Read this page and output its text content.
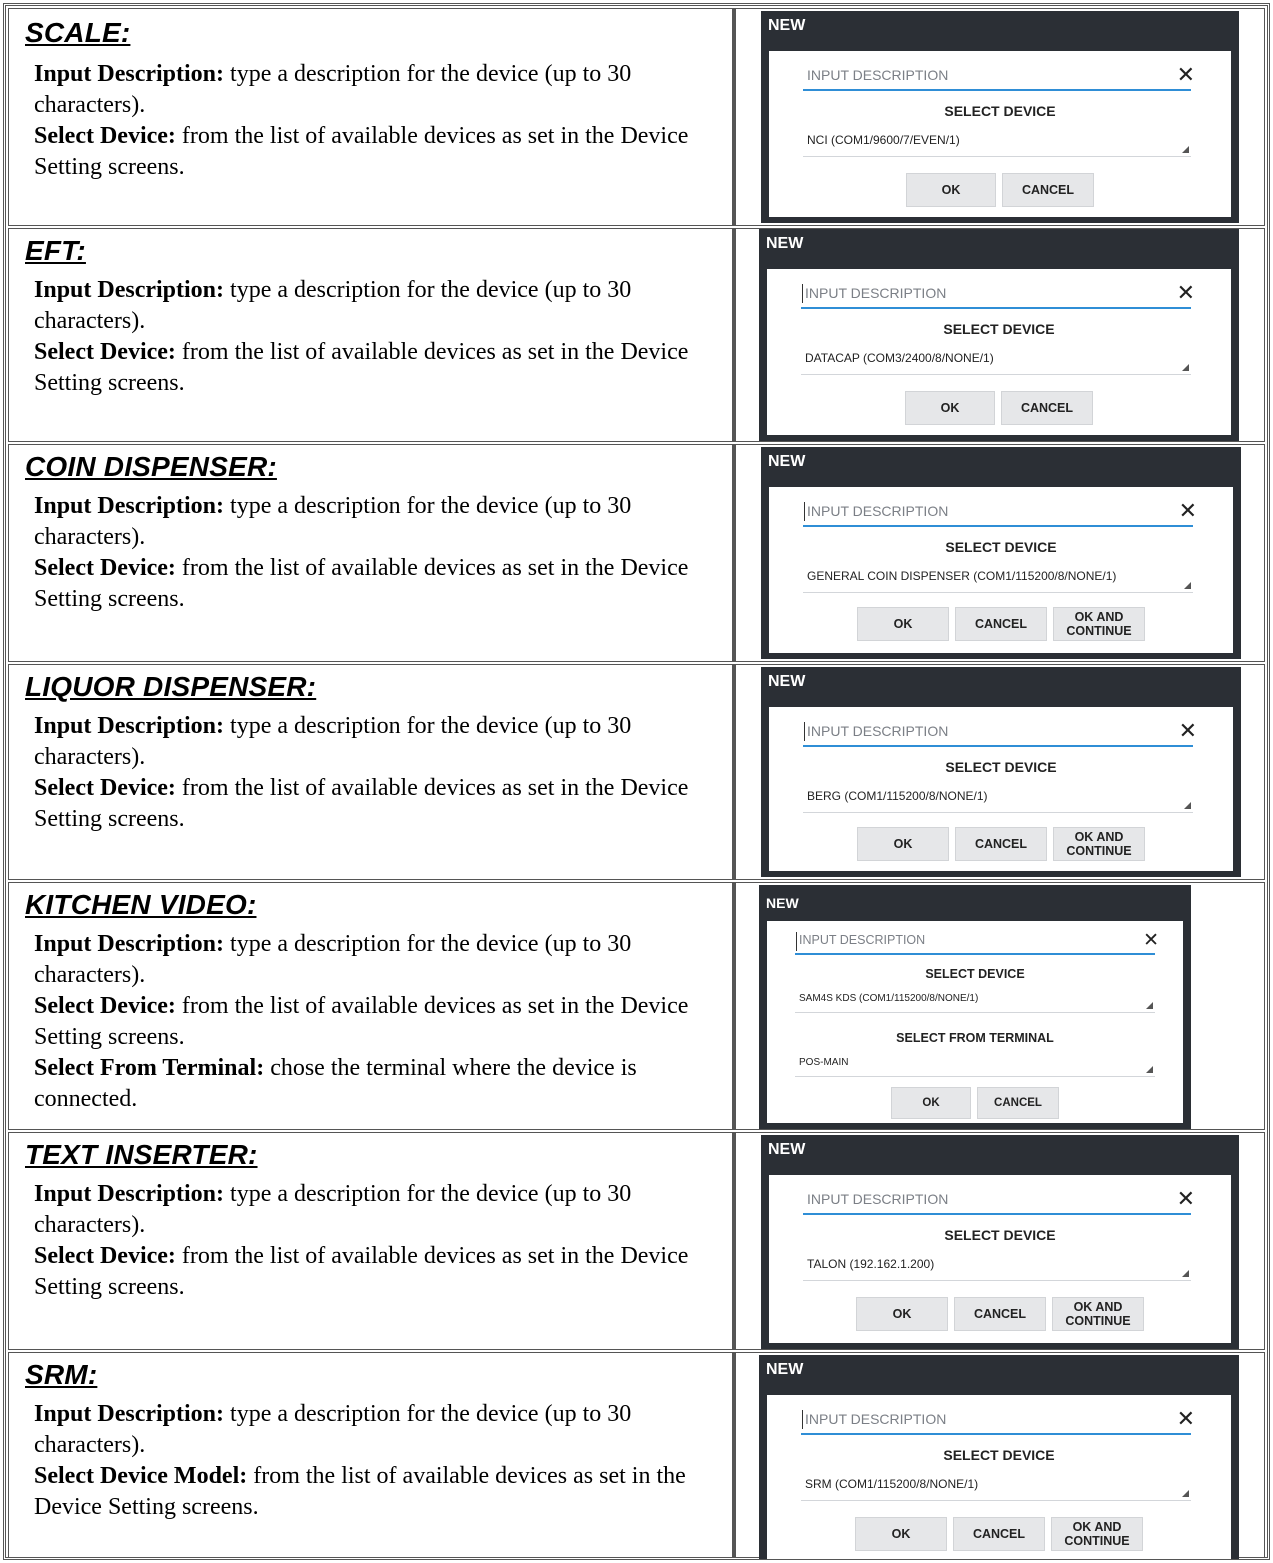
SCALE:

Input Description: type a description for the device (up to 30 characters).

Select Device: from the list of available devices as set in the Device Setting screens.

NEW
INPUT DESCRIPTION	✕
SELECT DEVICE
NCI (COM1/9600/7/EVEN/1)
OK	CANCEL
EFT:

Input Description: type a description for the device (up to 30 characters).

Select Device: from the list of available devices as set in the Device Setting screens.

NEW
INPUT DESCRIPTION	✕
SELECT DEVICE
DATACAP (COM3/2400/8/NONE/1)
OK	CANCEL
COIN DISPENSER:

Input Description: type a description for the device (up to 30 characters).

Select Device: from the list of available devices as set in the Device Setting screens.

NEW
INPUT DESCRIPTION	✕
SELECT DEVICE
GENERAL COIN DISPENSER (COM1/115200/8/NONE/1)
OK	CANCEL	OK AND CONTINUE
LIQUOR DISPENSER:

Input Description: type a description for the device (up to 30 characters).

Select Device: from the list of available devices as set in the Device Setting screens.

NEW
INPUT DESCRIPTION	✕
SELECT DEVICE
BERG (COM1/115200/8/NONE/1)
OK	CANCEL	OK AND CONTINUE
KITCHEN VIDEO:

Input Description: type a description for the device (up to 30 characters).

Select Device: from the list of available devices as set in the Device Setting screens.

Select From Terminal: chose the terminal where the device is connected.

NEW
INPUT DESCRIPTION	✕
SELECT DEVICE
SAM4S KDS (COM1/115200/8/NONE/1)
SELECT FROM TERMINAL
POS-MAIN
OK	CANCEL
TEXT INSERTER:

Input Description: type a description for the device (up to 30 characters).

Select Device: from the list of available devices as set in the Device Setting screens.

NEW
INPUT DESCRIPTION	✕
SELECT DEVICE
TALON (192.162.1.200)
OK	CANCEL	OK AND CONTINUE
SRM:

Input Description: type a description for the device (up to 30 characters).

Select Device Model: from the list of available devices as set in the Device Setting screens.

NEW
INPUT DESCRIPTION	✕
SELECT DEVICE
SRM (COM1/115200/8/NONE/1)
OK	CANCEL	OK AND CONTINUE
